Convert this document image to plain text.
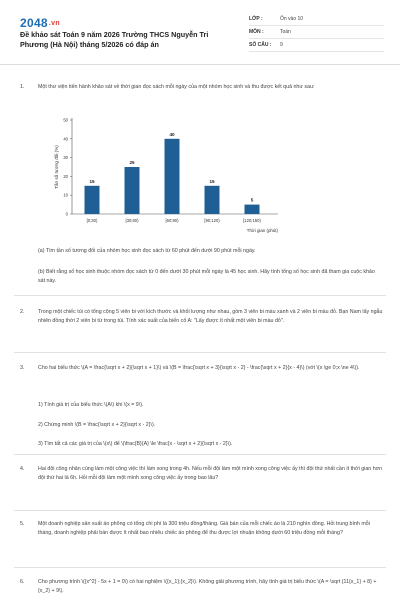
2048.vn
Đề khảo sát Toán 9 năm 2026 Trường THCS Nguyễn Tri Phương (Hà Nội) tháng 5/2026 có đáp án
LỚP :	Ôn vào 10
MÔN :	Toán
SỐ CÂU :	9
1.	Một thư viện tiến hành khảo sát về thời gian đọc sách mỗi ngày của một nhóm học sinh và thu được kết quả như sau:

0
10
20
30
40
50
Tần số tương đối (%)	15
[0;30)
25
[30;60)
40
[60;90)
15
[90;120)
5
[120;150)
Thời gian (phút)

(a) Tìm tần số tương đối của nhóm học sinh đọc sách từ 60 phút đến dưới 90 phút mỗi ngày.

(b) Biết rằng số học sinh thuộc nhóm đọc sách từ 0 đến dưới 30 phút mỗi ngày là 45 học sinh. Hãy tính tổng số học sinh đã tham gia cuộc khảo sát này.

2.	Trong một chiếc túi có tổng cộng 5 viên bi với kích thước và khối lượng như nhau, gồm 3 viên bi màu xanh và 2 viên bi màu đỏ. Bạn Nam lấy ngẫu nhiên đồng thời 2 viên bi từ trong túi. Tính xác suất của biến cố A: "Lấy được ít nhất một viên bi màu đỏ".

3.	Cho hai biểu thức \(A = \frac{\sqrt x + 2}{\sqrt x + 1}\) và \(B = \frac{\sqrt x + 3}{\sqrt x - 2} - \frac{\sqrt x + 2}{x - 4}\) (với \(x \ge 0;x \ne 4\)).

1) Tính giá trị của biểu thức \(A\) khi \(x = 9\).

2) Chứng minh \(B = \frac{\sqrt x + 2}{\sqrt x - 2}\).

3) Tìm tất cả các giá trị của \(x\) để \(\frac{B}{A} \le \frac{x - \sqrt x + 2}{\sqrt x - 2}\).

4.	Hai đội công nhân cùng làm một công việc thì làm xong trong 4h. Nếu mỗi đội làm một mình xong công việc ấy thì đội thứ nhất cần ít thời gian hơn đội thứ hai là 6h. Hỏi mỗi đội làm một mình xong công việc ấy trong bao lâu?

5.	Một doanh nghiệp sản xuất áo phông có tổng chi phí là 300 triệu đồng/tháng. Giá bán của mỗi chiếc áo là 210 nghìn đồng. Hỏi trung bình mỗi tháng, doanh nghiệp phải bán được ít nhất bao nhiêu chiếc áo phông để thu được lợi nhuận không dưới 60 triệu đồng mỗi tháng?

6.	Cho phương trình \({x^2} - 5x + 1 = 0\) có hai nghiệm \({x_1};{x_2}\). Không giải phương trình, hãy tính giá trị biểu thức \(A = \sqrt {11{x_1} + 8} + {x_2} + 9\).
